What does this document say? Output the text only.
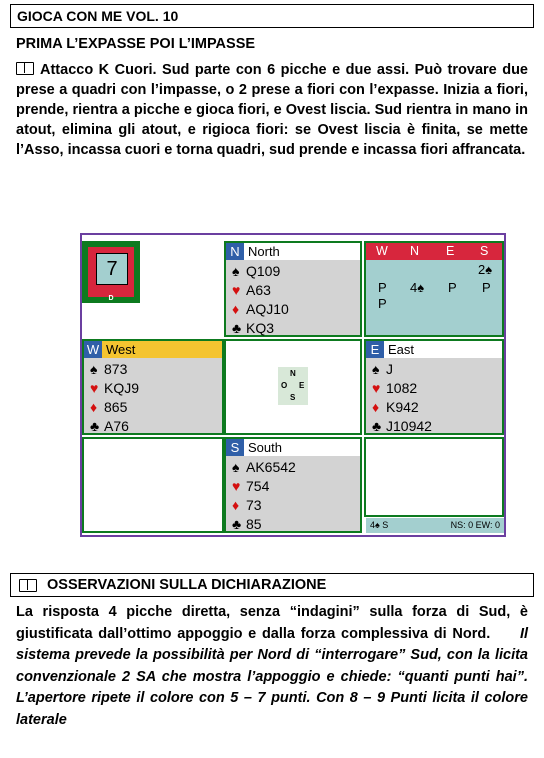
GIOCA CON ME VOL. 10
PRIMA L’EXPASSE POI L’IMPASSE
Attacco K Cuori. Sud parte con 6 picche e due assi. Può trovare due prese a quadri con l’impasse, o 2 prese a fiori con l’expasse. Inizia a fiori, prende, rientra a picche e gioca fiori, e Ovest liscia. Sud rientra in mano in atout, elimina gli atout, e rigioca fiori: se Ovest liscia è finita, se mette l’Asso, incassa cuori e torna quadri, sud prende e incassa fiori affrancata.
7
D
N North
♠ Q109
♥ A63
♦ AQJ10
♣ KQ3
W N E S
2♠
P 4♠ P P
P
W West
♠ 873
♥ KQJ9
♦ 865
♣ A76
N
O E
S
E East
♠ J
♥ 1082
♦ K942
♣ J10942
S South
♠ AK6542
♥ 754
♦ 73
♣ 85	4♠ S	NS: 0 EW: 0
OSSERVAZIONI SULLA DICHIARAZIONE
La risposta 4 picche diretta, senza “indagini” sulla forza di Sud, è giustificata dall’ottimo appoggio e dalla forza complessiva di Nord. Il sistema prevede la possibilità per Nord di “interrogare” Sud, con la licita convenzionale 2 SA che mostra l’appoggio e chiede: “quanti punti hai”. L’apertore ripete il colore con 5 – 7 punti. Con 8 – 9 Punti licita il colore laterale
